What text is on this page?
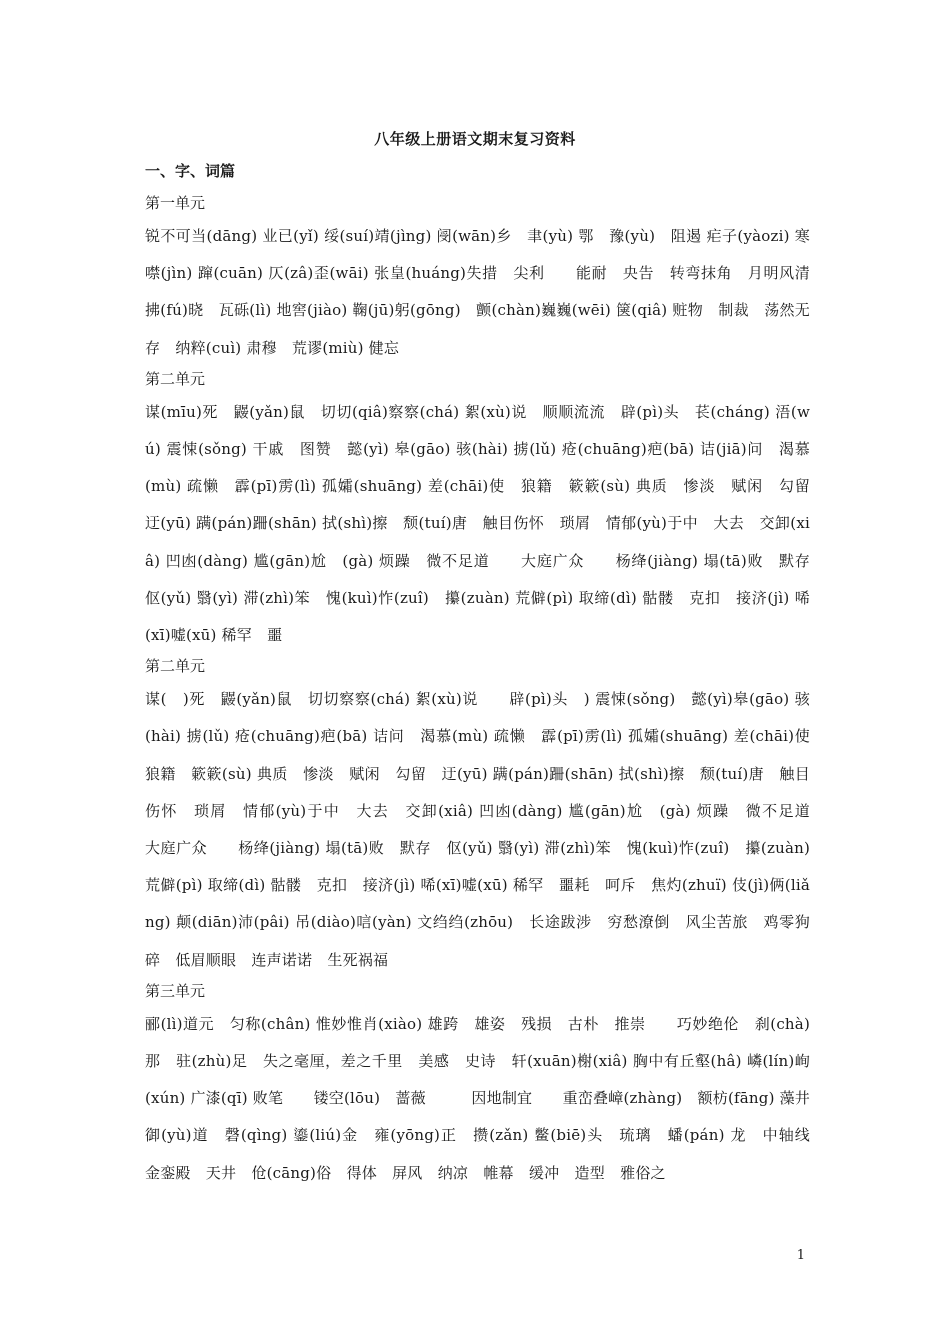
八年级上册语文期末复习资料
一、字、词篇
第一单元
锐不可当(dāng) 业已(yǐ) 绥(suí)靖(jìng) 阌(wān)乡　聿(yù) 鄂　豫(yù)　阻遏 疟子(yàozi) 寒噤(jìn) 蹿(cuān) 仄(zâ)歪(wāi) 张皇(huáng)失措　尖利　　能耐　央告　转弯抹角　月明风清　拂(fú)晓　瓦砾(lì) 地窖(jiào) 鞠(jū)躬(gōng)　颤(chàn)巍巍(wēi) 箧(qiâ) 赃物　制裁　荡然无存　纳粹(cuì) 肃穆　荒谬(miù) 健忘
第二单元
谋(mīu)死　鼹(yǎn)鼠　切切(qiâ)察察(chá) 絮(xù)说　顺顺流流　辟(pì)头　苌(cháng) 浯(wú) 震悚(sǒng) 干戚　图赞　懿(yì) 皋(gāo) 骇(hài) 掳(lǔ) 疮(chuāng)疤(bā) 诘(jiā)问　渴慕(mù) 疏懒　霹(pī)雳(lì) 孤孀(shuāng) 差(chāi)使　狼籍　簌簌(sù) 典质　惨淡　赋闲　勾留　迂(yū) 蹒(pán)跚(shān) 拭(shì)擦　颓(tuí)唐　触目伤怀　琐屑　情郁(yù)于中　大去　交卸(xiâ) 凹凼(dàng) 尴(gān)尬　(gà) 烦躁　微不足道　　大庭广众　　杨绛(jiàng) 塌(tā)败　默存　伛(yǔ) 翳(yì) 滞(zhì)笨　愧(kuì)怍(zuî)　攥(zuàn) 荒僻(pì) 取缔(dì) 骷髅　克扣　接济(jì) 唏(xī)嘘(xū) 稀罕　噩
第二单元
谋(　)死　鼹(yǎn)鼠　切切察察(chá) 絮(xù)说　　辟(pì)头　) 震悚(sǒng)　懿(yì)皋(gāo) 骇(hài) 掳(lǔ) 疮(chuāng)疤(bā) 诘问　渴慕(mù) 疏懒　霹(pī)雳(lì) 孤孀(shuāng) 差(chāi)使　狼籍　簌簌(sù) 典质　惨淡　赋闲　勾留　迂(yū) 蹒(pán)跚(shān) 拭(shì)擦　颓(tuí)唐　触目伤怀　琐屑　情郁(yù)于中　大去　交卸(xiâ) 凹凼(dàng) 尴(gān)尬　(gà) 烦躁　微不足道　　大庭广众　　杨绛(jiàng) 塌(tā)败　默存　伛(yǔ) 翳(yì) 滞(zhì)笨　愧(kuì)怍(zuî)　攥(zuàn) 荒僻(pì) 取缔(dì) 骷髅　克扣　接济(jì) 唏(xī)嘘(xū) 稀罕　噩耗　呵斥　焦灼(zhuï) 伎(jì)俩(liǎng) 颠(diān)沛(pâi) 吊(diào)唁(yàn) 文绉绉(zhōu)　长途跋涉　穷愁潦倒　风尘苦旅　鸡零狗碎　低眉顺眼　连声诺诺　生死祸福
第三单元
郦(lì)道元　匀称(chân) 惟妙惟肖(xiào) 雄跨　雄姿　残损　古朴　推崇　　巧妙绝伦　刹(chà)那　驻(zhù)足　失之毫厘，差之千里　美感　史诗　轩(xuān)榭(xiâ) 胸中有丘壑(hâ) 嶙(lín)峋(xún) 广漆(qī) 败笔　　镂空(lōu)　蔷薇　　　因地制宜　　重峦叠嶂(zhàng)　额枋(fāng) 藻井　御(yù)道　磬(qìng) 鎏(liú)金　雍(yōng)正　攒(zǎn) 鳖(biē)头　琉璃　蟠(pán) 龙　中轴线　金銮殿　天井　伧(cāng)俗　得体　屏风　纳凉　帷幕　缓冲　造型　雅俗之
1
